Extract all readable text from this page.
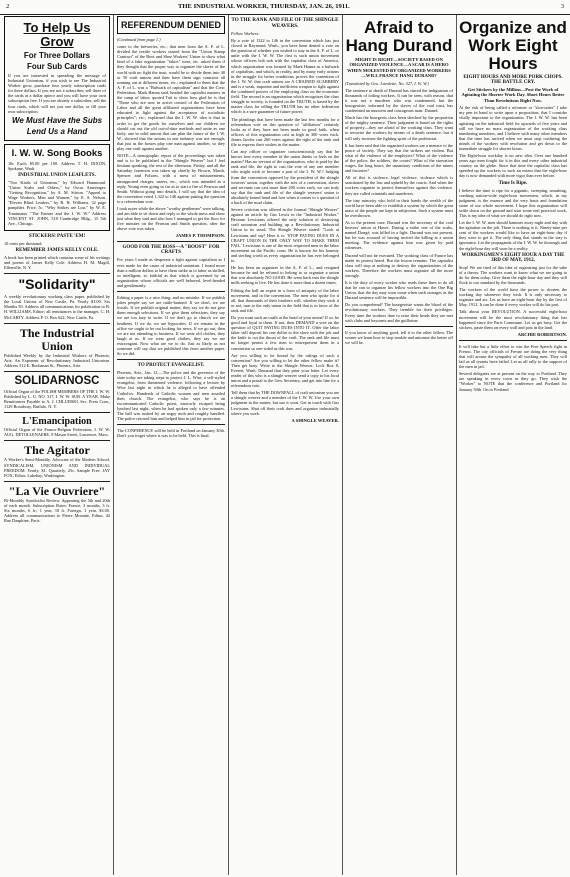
2	THE INDUSTRIAL WORKER, THURSDAY, JAN. 26, 1911.	3
To Help Us Grow
For Three Dollars
Four Sub Cards

If you are interested in spreading the message of Industrial Unionism, if you wish to see The Industrial Worker grow, purchase four yearly subscription cards for three dollars. If you are not a subscriber, sell three of the cards at a dollar apiece and you will have your own subscription free. If you are already a subscriber, sell the four cards, which will net you one dollar, or fill your own subscription.

We Must Have the Subs
Lend Us a Hand
I. W. W. Song Books

10c Each; $5.00 per 100. Address T. H. DIXON, Spokane, Wash.

INDUSTRIAL UNION LEAFLETS.

"Two Kinds of Unionism," by Edward Hammond. "Union Scabs and Others," by Oscar Ameringer. "Getting Recognition," by A. M. Stirton. "Appeal to Wage Workers, Men and Women," by E. S. Nelson. "Eleven Blind Leaders," by B. H. Williams. 32 page pamphlet. Price, 5c. "Why Strikes are Lost," by W. E. Trautmann. "The Farmer and the I. W. W." Address VINCENT ST. JOHN, 518 Cambridge Bldg., 15 5th Ave., Chicago.

STICKERS! PASTE 'EM!

10 cents per thousand.

REMEMBER JAMES KELLY COLE.

A book has been printed which contains some of his writings and poems of James Kelly Cole. Address H. M. Magill, Ellenville, N. Y.

"Solidarity"

A weekly revolutionary working class paper, published by the Local Unions of New Castle, Pa. Yearly $1.00. Six Months 50. Address all communications for publication to B. H. WILLIAMS, Editor; all remittances to the manager, C. H. McCARTY. Address P. O. Box 622, New Castle, Pa.

The Industrial Union

Published Weekly by the Industrial Workers of Phoenix, Ariz. An Exponent of Revolutionary Industrial Unionism. Address 312 E. Buchanan St., Phoenix, Ariz.

SOLIDARNOSC

Official Organ of the POLISH MEMBERS OF THE I. W. W. Published by L. U. NO. 317, I. W. W. SUB. A YEAR. Make Remittances Payable to A. J. CHLUDSKI, Sec. Press Com., 1129 Broadway, Buffalo, N. Y.

L'Emancipation

Official Organ of the Franco-Belgian Federation, I. W. W. AUG. DETOLLENAERE, 9 Mason Street, Lawrence, Mass.

The Agitator

A Worker's Semi-Monthly. Advocate of the Modern School, SYNDICALISM, UNIONISM AND INDIVIDUAL FREEDOM. Yearly, $1. Quarterly, 25c. Sample Free. JAY FOX, Editor. Lakebay, Washington.

"La Vie Ouvriere"

Bi-Monthly Syndicalist Review. Appearing the 5th and 20th of each month. Subscription Rates: France, 3 months, 3 fr. Six months, 6 fr.; 1 year, 18 fr. Foreign, 1 year, $3.00. Address all communications to Pierre Monatte, Editor, 42 Rue Dauphine, Paris.

REFERENDUM DENIED

(Continued from page 1.)

come to the breweries, etc.; that men from the A. F. of L. divided the textile workers ousted from the "Union Stamp Contract" of the Boot and Shoe Workers' Union to show what kind of a fake organization "fakirs" were, etc. asked them if they thought that the proper way to organize the slaves of the world with no fight the trust, would be to divide them into 40 or 50 craft unions and then have them sign contracts all running out at different times, etc.; explained to them that the A. F. of L. was a "Bulwark of capitalism" and that the Civic Federation, Mark Hanna said, headed the capitalist masters in the camp of labor; quoted Tait to show how glad he is that "Those who are now in active control of the Federation of Labor and all the great affiliated organizations have been educated to fight against the acceptance of socialistic principles"; etc.; explained that the I. W. W. idea is that in order to get the goods for ourselves and our children we should cut out the old out-of-date methods and unite as one body, one in solid unions that can plan the future of the I. W. W.; showed that the unions in one industry was not enough; that just as the bosses play one man against another, so they play one craft against another.

NOTE—A stenographic report of the proceedings was taken and is to be published in the "Shingle Weaver" but I feel hesitant speaking, the rest of the afternoon. Friday, and all the Saturday forenoon was taken up chiefly by Brown, Marsh, Spencer and Folsom, with a mess of misstatements, unsupported charges, sneers, etc., which was intended as a reply. Young even going so far as to start a fire of Pearson and Smith. Without going into details, I will say that the idea of the convention voted 1,322 to 146 against putting the question to a referendum vote.

I took notes while the above "worthy gentlemen" were talking, and am able to sit down and reply to the whole mess and show just what they said and also how I managed to get the floor for five minutes on the Pearson and Smith question, after the above vote was taken.

JAMES P. THOMPSON.
GOOD FOR THE BOSS—A "BOOST" FOR CRAFTS

For years I made as desperate a fight against capitalism as I ever made for the cause of industrial unionism. I found more than a million dollars to have them strike as to labor as skilled, so intelligent, so faithful as that which is governed by an organization whose officials are well behaved, level-headed and gentlemanly.

Editing a paper is a nice thing, and no mistake. If we publish jokes people say we are rattle-brained. If we don't, we are fossils. If we publish original matter, they say we do not give them enough selections. If we give them selections, they say we are too lazy to write. If we don't go to church we are heathens. If we do, we are hypocrites. If we remain in the office we ought to be out looking for news. If we go out, then we are not attending to business. If we wear old clothes, they laugh at us. If we wear good clothes, they say we are extravagant. Now what are we to do. Just as likely as not someone will say that we published this from another paper. So we did.

TO PROTECT EVANGELIST.

Phoenix, Ariz., Jan. 12.—The police and the governor of the state today are taking steps to protect J. L. Wise, a self-styled evangelist, from threatened violence, following a lecture by Wise last night in which he is alleged to have offended Catholics. Hundreds of Catholic women and men assailed their church. The evangelist, who says he is an excommunicated Catholic priest, narrowly escaped being lynched last night, when he had spoken only a few minutes. The hall was rushed by an angry mob and roughly handled. The police rescued him and helped him in jail for protection.

The CONFERENCE will be held in Portland on January 30th. Don't you forget where it was to be held. This is final.

TO THE RANK AND FILE OF THE SHINGLE WEAVERS.

Fellow Workers:

By a vote of 1322 to 146 in the convention which has just closed in Raymond, Wash., you have been denied a vote on the question of whether you wished to stay in the A. F. of L. or unite with the I. W. W. The first is such union movement whose officers hob nob with the capitalist class of America, which organization was formed by Mark Hanna as a bulwark of capitalism, and which, in reality, and by many early actions in the struggle for better conditions, proves the contention of the I. W. W. that craft unions are A CHAINED SCABBERY and is a weak, impotent and inefficient weapon to fight against the combined powers of the employing class on the economic field. The second is an organization which recognizes the class struggle in society, is founded on the TRUTH, is based by the master class for telling the TRUTH has no other federation which is a sure guarantee of future power.

The pleadings that have been made the last few months for a referendum vote on this question of "affiliation" certainly looks as if they have not been made in good faith, when officers of this organization cast as high as 300 votes each. James Jacobs cast 260 votes against the right of the rank and file to express their wishes in the matter.

Can any officer or organizer conscientiously say that he knows how every member of the union thinks or feels on the matter? Has no servant of the organization, who is paid by the rank and file, the right to cast the vote of any one member who might wish to become a part of the I. W. W.? Judging from the convention opposed by the president of the shingle weavers' union, together with the acts of a convention, slaves and servants can cast more than 200 votes each, we can truly say that the rank and file of the shingle weavers' union is absolutely bound hand and foot when it comes to a question of a back of the mud claim.

Severe criticism was offered in the Journal "Shingle Weaver" against an article by Gus Lewis in the "Industrial Worker." Because Lewisians offered the only solution of destroying craft unionism and building up a Revolutionary Industrial Union in its stead. The Shingle Weaver stated: "Look at Lewisians and say! Here it is: 'STOP PAYING DUES IN A CRAFT UNION IS THE ONLY WAY TO MAKE THEM FAIL.' Lewisians is one of the most respected men in the labor movement on the Pacific coast. He is known for his honesty and sterling worth as every organization he has ever belonged to.

He has been an organizer in the A. F. of L., and resigned because he and he refused to belong to or organize a union that was absolutely NO GOOD. He went back into the shingle mills seeking to live. He has done it more than a dozen times.

Editing the hall an expert in a form of antiquity of the labor movement, and in the convention. The men who spoke for it all, that thousands of their brothers will, whether they wish it or not, turn to the only union in the field that is in favor of the rank and file.

Do you want such an outfit at the head of your union? If so, be good and loyal to them. If not, then DEMAND a vote on the question of QUIT PAYING DUES INTO IT. Offer the labor faker still deposit his one dollar to the slave with the job and the knife to cut the throat of the craft. The rank and file must no longer permit a few men to misrepresent them in a convention so one-sided as this was.

Are you willing to be bound by the rulings of such a convention? Are you willing to let the other fellow make it? Then get busy. Write to the Shingle Weaver, Lock Box 8, Everett, Wash. Demand that they print your letter. Let every reader of this who is a shingle weaver send a copy to his local union and a postal to the Gen. Secretary, and get into line for a referendum vote.

Tell them that by THE DOWNFALL of craft unionism you are a shingle weaver and a member of the I. W. W. Use your own judgment in the matter, but use it soon. Get in touch with Gus Lewisians. Shut off their craft dues and organize industrially where you work.

A SHINGLE WEAVER.
Afraid to Hang Durand
MIGHT IS RIGHT—SOCIETY BASED ON ORGANIZED VIOLENCE—A SCAB IS A HERO WHEN MOLESTED BY ORGANIZED WORKERS—WILL FRANCE HANG DURAND?

(Translated by Geo. Lavolette, No. 327, I. W. W.)

The sentence to death of Durand has stirred the indignation of thousands of toiling workers. It can be seen, with reason, that it was not a murderer who was condemned, but the bourgeoisie, informed by the slaves of the coal trust, has condemned an innocent and courageous man: Durand.

Much has the bourgeois class been shocked by the proportion of the mighty sentence. Their judgment is based on the rights of property—they are afraid of the working class. They want to terrorise the workers by means of a death sentence, but it will only increase the fighting spirit of the proletariat.

It has been said that the organized workers are a menace to the peace of society. They say that the strikers are violent. But what of the violence of the employers? What of the violence of the police, the soldiers, the courts? What of the starvation wages, the long hours, the unsanitary conditions of the mines and factories?

All of this is violence, legal violence, violence which is sanctioned by the law and upheld by the courts. And when the workers organize to protect themselves against this violence, they are called criminals and murderers.

The tiny minority who hold in their hands the wealth of the world have been able to establish a system by which the great mass of the people are kept in subjection. Such a system must be overthrown.

As to the present case, Durand was the secretary of the coal heavers' union at Havre. During a strike one of the scabs, named Dongé, was killed in a fight. Durand was not present, but he was accused of having incited the killing at a union meeting. The evidence against him was given by paid witnesses.

Durand will not be executed. The working class of France has made its protest heard. But the lesson remains. The capitalist class will stop at nothing to destroy the organizations of the workers. Therefore the workers must organize all the more strongly.

It is the duty of every worker who reads these lines to do all that he can to organize his fellow workers into the One Big Union, that the day may soon come when such outrages as the Durand sentence will be impossible.

Do you comprehend? The bourgeoisie wants the blood of the revolutionary workers. They tremble for their privileges. Every time the workers dare to raise their heads they are met with clubs and bayonets and the guillotine.

If you know of anything good, tell it to the other fellow. The sooner we learn how to stop trouble and unionize the better off we will be.

Organize and Work Eight Hours
EIGHT HOURS AND MORE PORK CHOPS. THE BATTLE CRY.
Get Stickers by the Million—Post the Work of Agitating the Shorter Work Day. Short Hours Better Than Revolutions Right Now.

At the risk of being called a reformer or "slowcatter" I take my pen in hand to write upon a proposition, that I consider vitally important to the organization. The I. W. W. has been agitating on the industrial field for upwards of five years and still we have no mass organization of the working class numbering members, and I believe with many other members that the time has arrived when we must stop confining the minds of the workers with revolution and get down to the immediate struggle for shorter hours.

The Eight-hour workday is no new idea. Over one hundred years ago men fought for it in this and every other industrial country on the globe. Since that time the capitalist class has speeded up the workers to such an extent that the eight-hour day is now demanded with more vigor than ever before.

Time Is Ripe.

I believe the time is ripe for a gigantic, sweeping, smashing, crashing nation-wide eight-hour movement, which, in my judgment, is the essence and the very basis and foundation stone of our whole movement. I hope this organization will settle down on the ground and start some real practical work. This is my idea of what we should do right now.

Let the I. W. W. men should hammer away night and day with the agitation on the job. There is nothing to it. Ninety-nine per cent of the workers would like to have an eight-hour day if they were to get it. The only thing that stands in the way is ignorance. Let the propaganda of the I. W. W. be thorough and the eight-hour day will soon be a reality.

WORKINGMEN'S EIGHT HOUR A DAY THE 3RD OF MAY, 1912.

Stop! We are tired of this idea of organizing just for the sake of a theory. The workers want to know what we are going to do for them today. Give them the eight-hour day and they will flock to our standard by the thousands.

The workers of the world have the power to shorten the working day whenever they wish. It is only necessary to organize and act. Let us have an eight-hour day by the first of May, 1912. It can be done if every worker will do his part.

Talk about your REVOLUTION. A successful eight-hour movement will be the most revolutionary thing that has happened since the Paris Commune. Let us get busy. Get the stickers, paste them on every wall and post in the land.

ARCHIE ROBERTSON.

It will take but a little effort to win the Free Speech fight in Fresno. The city officials of Fresno are doing the very thing that will arouse the sympathy of all working men. They will fail as all tyrants have failed. Let us all rally to the support of the men in jail.

Several delegates are at present on the way to Portland. They are speaking in every town as they go. They wish the "Worker" to NOTE that the conference and Portland for January 30th. On to Portland.
